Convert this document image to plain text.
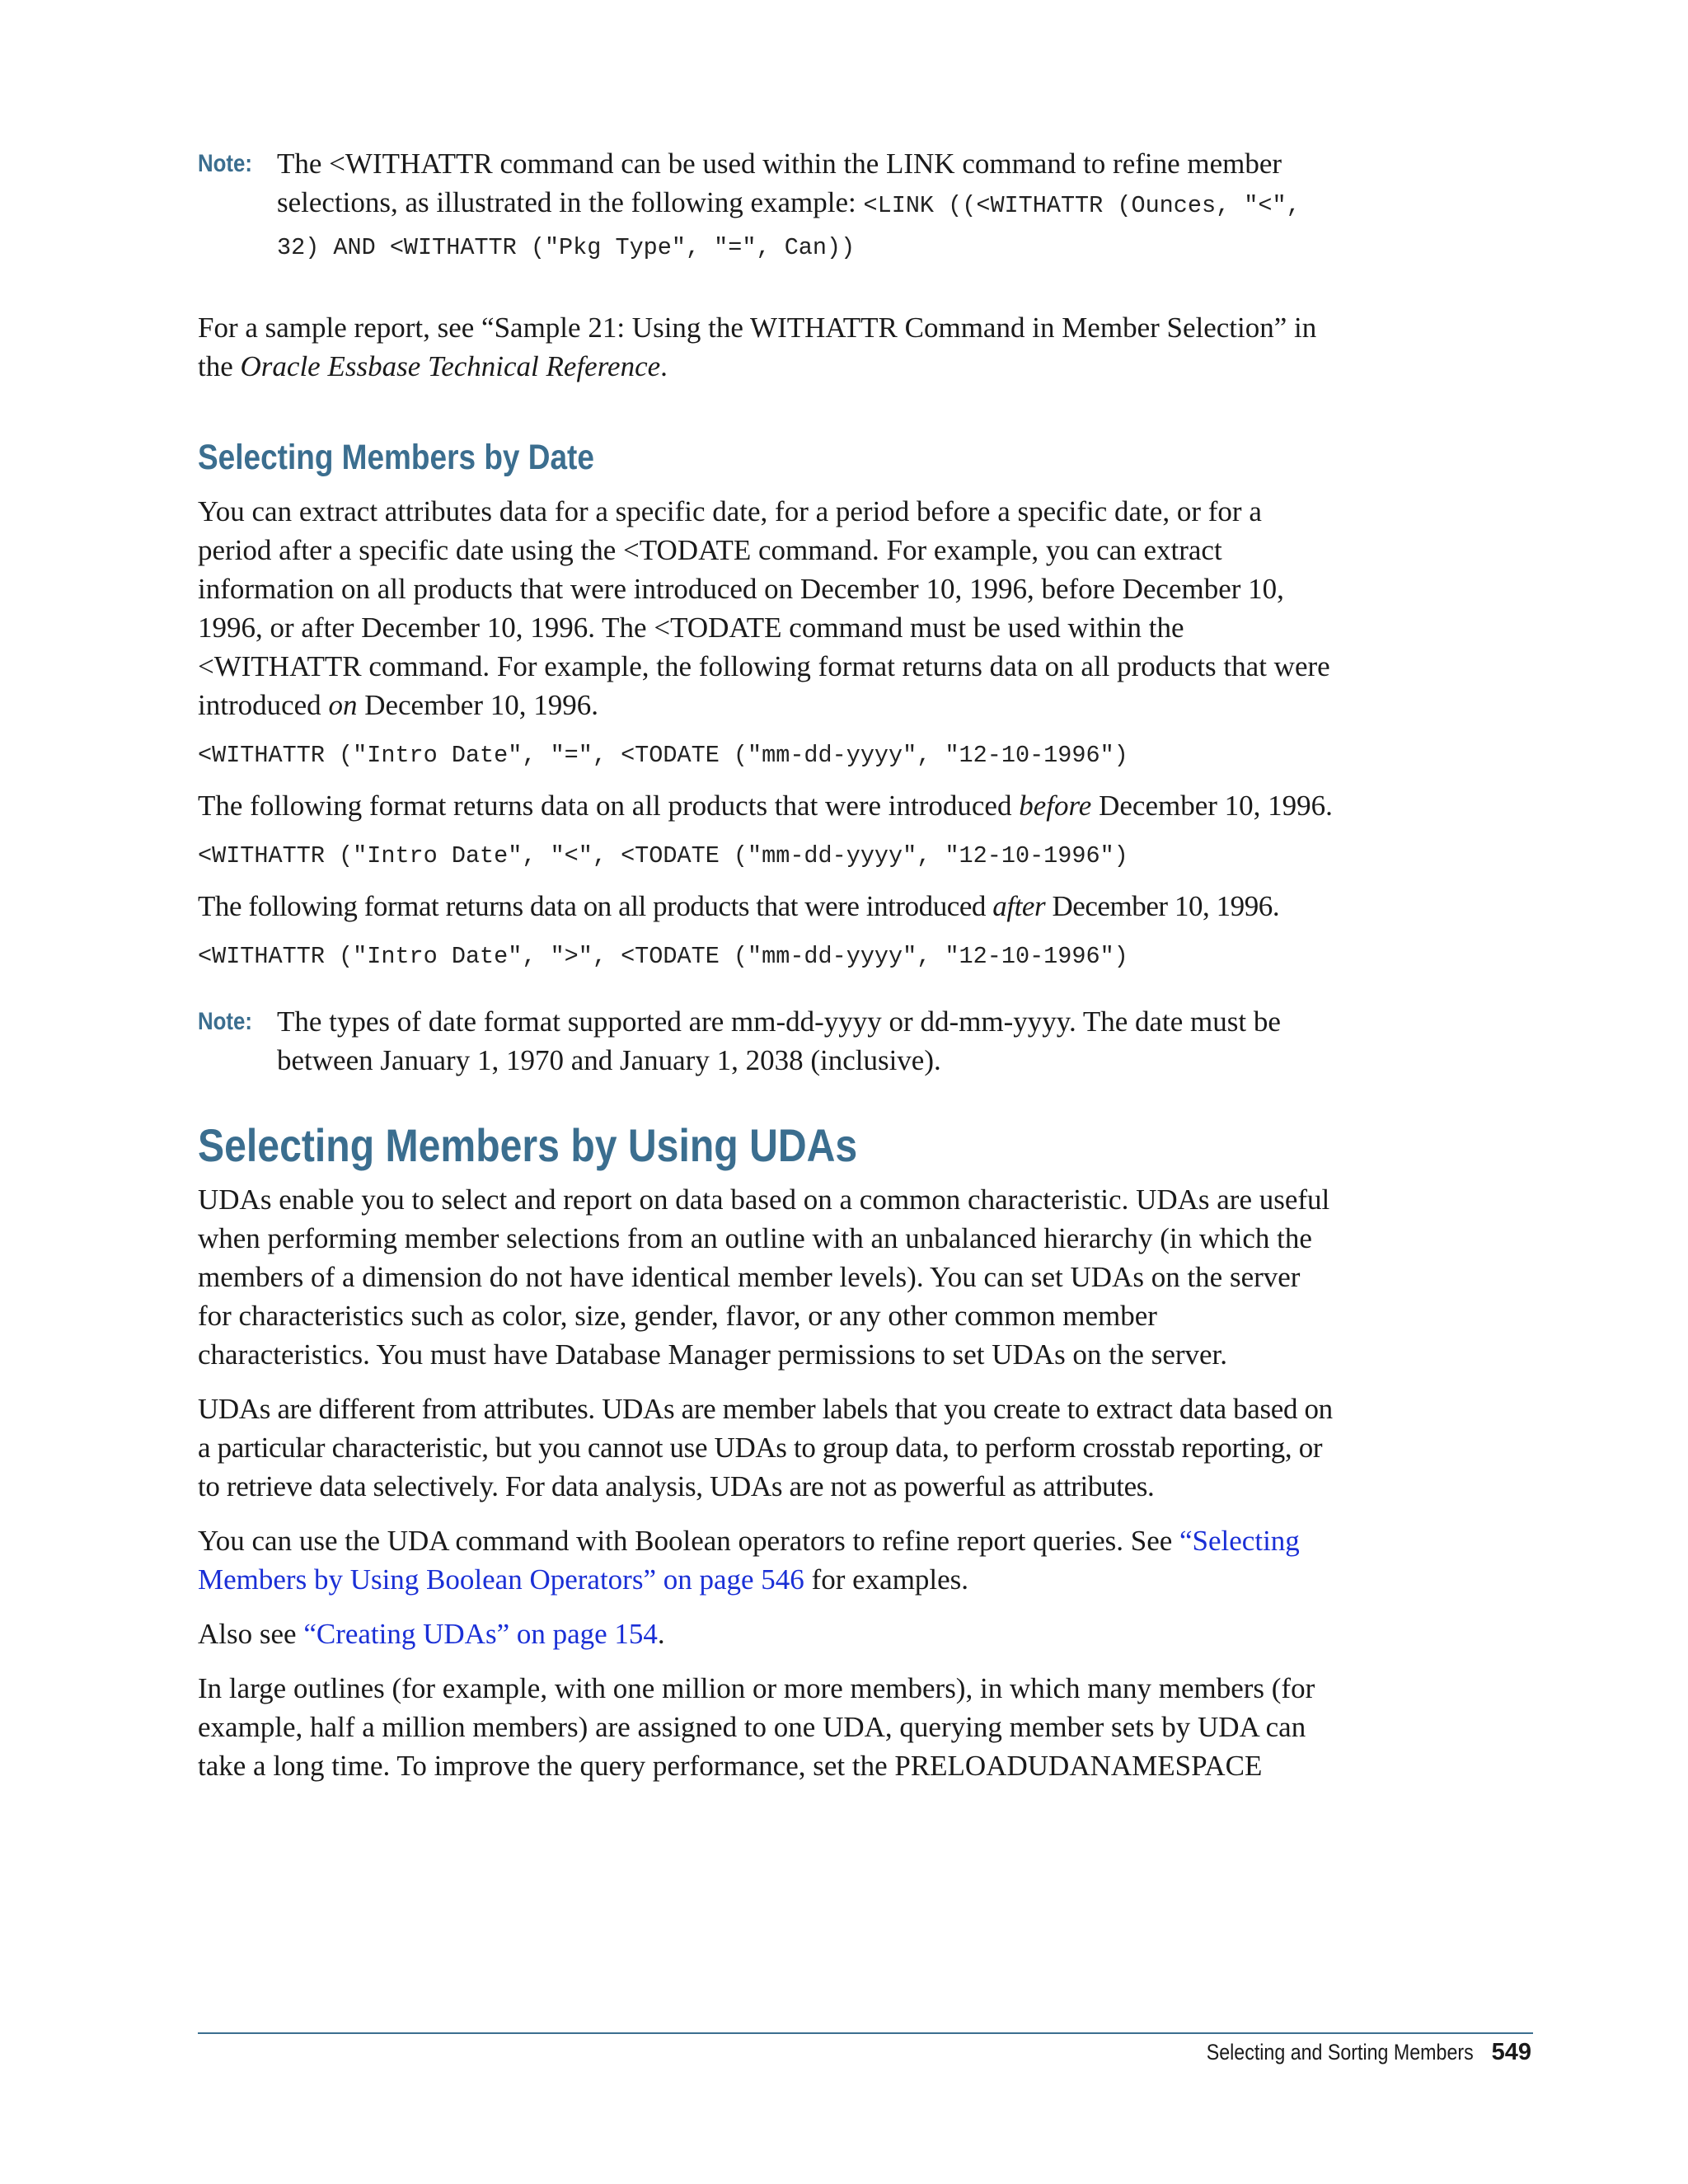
Note: The <WITHATTR command can be used within the LINK command to refine member selections, as illustrated in the following example: <LINK ((<WITHATTR (Ounces, "<", 32) AND <WITHATTR ("Pkg Type", "=", Can))

For a sample report, see “Sample 21: Using the WITHATTR Command in Member Selection” in the Oracle Essbase Technical Reference.

Selecting Members by Date

You can extract attributes data for a specific date, for a period before a specific date, or for a period after a specific date using the <TODATE command. For example, you can extract information on all products that were introduced on December 10, 1996, before December 10, 1996, or after December 10, 1996. The <TODATE command must be used within the <WITHATTR command. For example, the following format returns data on all products that were introduced on December 10, 1996.

<WITHATTR ("Intro Date", "=", <TODATE ("mm-dd-yyyy", "12-10-1996")

The following format returns data on all products that were introduced before December 10, 1996.

<WITHATTR ("Intro Date", "<", <TODATE ("mm-dd-yyyy", "12-10-1996")

The following format returns data on all products that were introduced after December 10, 1996.

<WITHATTR ("Intro Date", ">", <TODATE ("mm-dd-yyyy", "12-10-1996")
Note: The types of date format supported are mm-dd-yyyy or dd-mm-yyyy. The date must be between January 1, 1970 and January 1, 2038 (inclusive).
Selecting Members by Using UDAs

UDAs enable you to select and report on data based on a common characteristic. UDAs are useful when performing member selections from an outline with an unbalanced hierarchy (in which the members of a dimension do not have identical member levels). You can set UDAs on the server for characteristics such as color, size, gender, flavor, or any other common member characteristics. You must have Database Manager permissions to set UDAs on the server.

UDAs are different from attributes. UDAs are member labels that you create to extract data based on a particular characteristic, but you cannot use UDAs to group data, to perform crosstab reporting, or to retrieve data selectively. For data analysis, UDAs are not as powerful as attributes.

You can use the UDA command with Boolean operators to refine report queries. See “Selecting Members by Using Boolean Operators” on page 546 for examples.

Also see “Creating UDAs” on page 154.

In large outlines (for example, with one million or more members), in which many members (for example, half a million members) are assigned to one UDA, querying member sets by UDA can take a long time. To improve the query performance, set the PRELOADUDANAMESPACE

Selecting and Sorting Members 549
